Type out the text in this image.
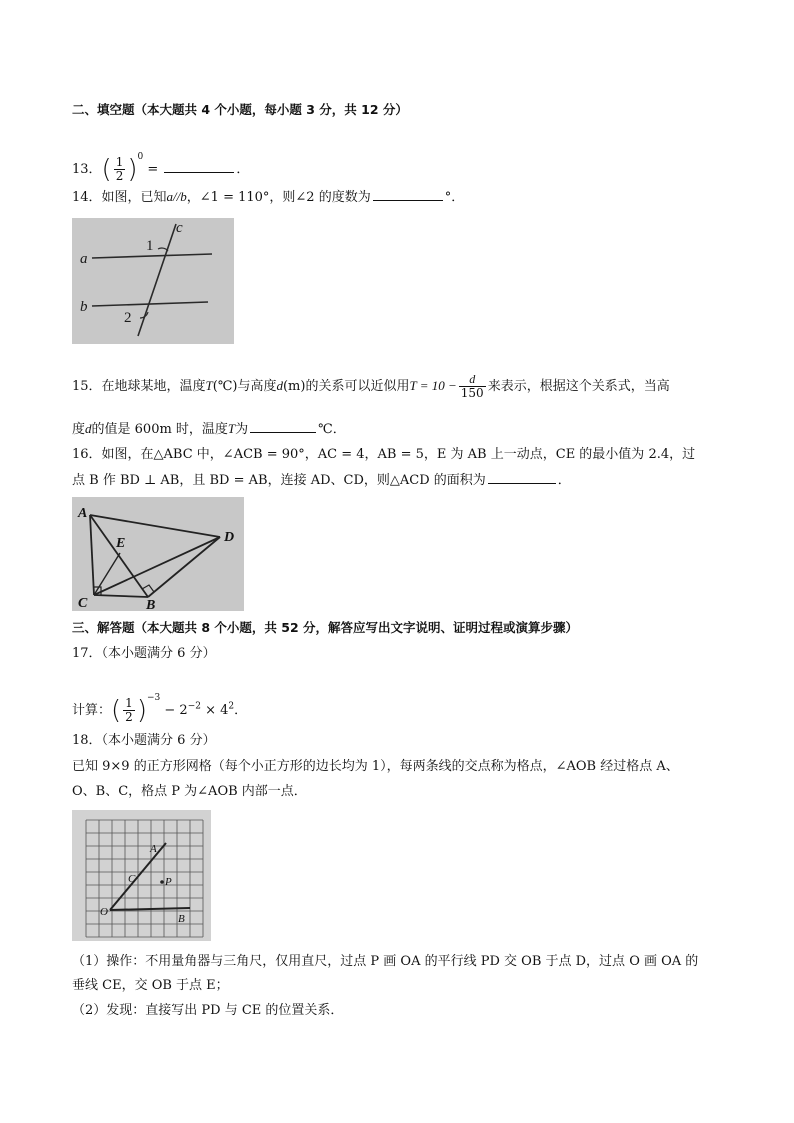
二、填空题（本大题共 4 个小题，每小题 3 分，共 12 分）
13．( $\frac{1}{2} )^0$ =	．
14．如图，已知a//b，∠1 = 110°，则∠2 的度数为	°．
a
b
c
1
2
15．在地球某地，温度T(℃)与高度d(m)的关系可以近似用$T = 10 - \frac{d}{150}$ 来表示，根据这个关系式，当高
度d的值是 600m 时，温度T为	℃．
16．如图，在△ABC 中，∠ACB = 90°，AC = 4，AB = 5，E 为 AB 上一动点，CE 的最小值为 2.4，过
点 B 作 BD ⊥ AB，且 BD = AB，连接 AD、CD，则△ACD 的面积为	．
A
E	D
C	B
三、解答题（本大题共 8 个小题，共 52 分，解答应写出文字说明、证明过程或演算步骤）
17．（本小题满分 6 分）
计算：( $\frac{1}{2} )^{-3} - 2^{-2} \times 4^2$．
18．（本小题满分 6 分）
已知 9×9 的正方形网格（每个小正方形的边长均为 1），每两条线的交点称为格点，∠AOB 经过格点 A、
O、B、C，格点 P 为∠AOB 内部一点．
A
C	P
O
B
（1）操作：不用量角器与三角尺，仅用直尺，过点 P 画 OA 的平行线 PD 交 OB 于点 D，过点 O 画 OA 的
垂线 CE，交 OB 于点 E；
（2）发现：直接写出 PD 与 CE 的位置关系．
